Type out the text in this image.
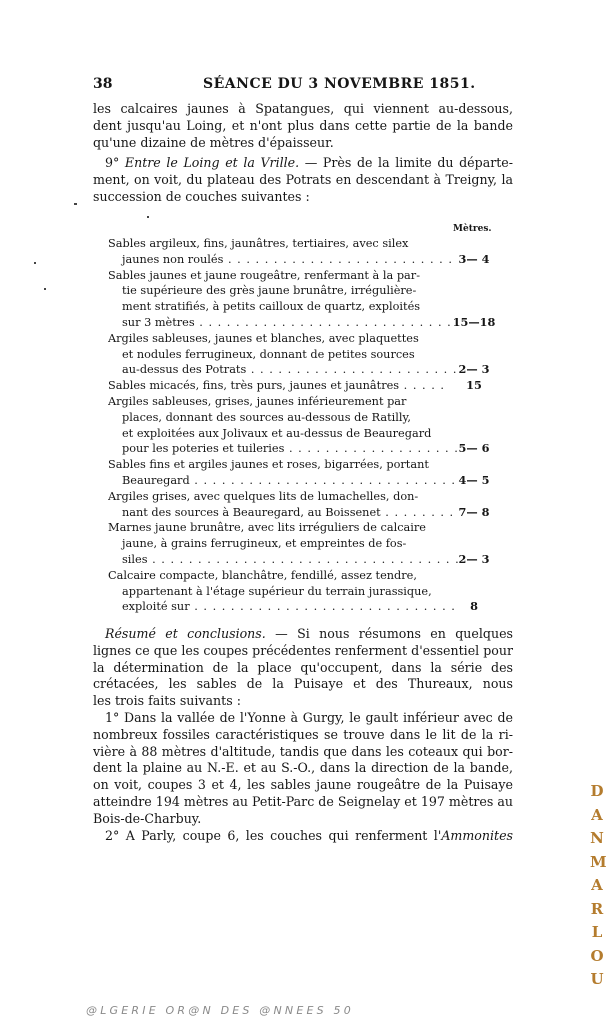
38	SÉANCE DU 3 NOVEMBRE 1851.
les calcaires jaunes à Spatangues, qui viennent au-dessous,
dent jusqu'au Loing, et n'ont plus dans cette partie de la bande
qu'une dizaine de mètres d'épaisseur.
9° Entre le Loing et la Vrille. — Près de la limite du départe-
ment, on voit, du plateau des Potrats en descendant à Treigny, la
succession de couches suivantes :
Mètres.
Sables argileux, fins, jaunâtres, tertiaires, avec silex
jaunes non roulés . . .	3— 4
Sables jaunes et jaune rougeâtre, renfermant à la par-
tie supérieure des grès jaune brunâtre, irrégulière-
ment stratifiés, à petits cailloux de quartz, exploités
sur 3 mètres . . .	15—18
Argiles sableuses, jaunes et blanches, avec plaquettes
et nodules ferrugineux, donnant de petites sources
au-dessus des Potrats . . .	2— 3
Sables micacés, fins, très purs, jaunes et jaunâtres . . .	15
Argiles sableuses, grises, jaunes inférieurement par
places, donnant des sources au-dessous de Ratilly,
et exploitées aux Jolivaux et au-dessus de Beauregard
pour les poteries et tuileries . . .	5— 6
Sables fins et argiles jaunes et roses, bigarrées, portant
Beauregard . . .	4— 5
Argiles grises, avec quelques lits de lumachelles, don-
nant des sources à Beauregard, au Boissenet . . .	7— 8
Marnes jaune brunâtre, avec lits irréguliers de calcaire
jaune, à grains ferrugineux, et empreintes de fos-
siles . . .	2— 3
Calcaire compacte, blanchâtre, fendillé, assez tendre,
appartenant à l'étage supérieur du terrain jurassique,
exploité sur . . .	8
Résumé et conclusions. — Si nous résumons en quelques
lignes ce que les coupes précédentes renferment d'essentiel pour
la détermination de la place qu'occupent, dans la série des
crétacées, les sables de la Puisaye et des Thureaux, nous
les trois faits suivants :
1° Dans la vallée de l'Yonne à Gurgy, le gault inférieur avec de
nombreux fossiles caractéristiques se trouve dans le lit de la ri-
vière à 88 mètres d'altitude, tandis que dans les coteaux qui bor-
dent la plaine au N.-E. et au S.-O., dans la direction de la bande,
on voit, coupes 3 et 4, les sables jaune rougeâtre de la Puisaye
atteindre 194 mètres au Petit-Parc de Seignelay et 197 mètres au
Bois-de-Charbuy.
2° A Parly, coupe 6, les couches qui renferment l'Ammonites
DANMARLOU
@LGERIE OR@N DES @NNEES 50
